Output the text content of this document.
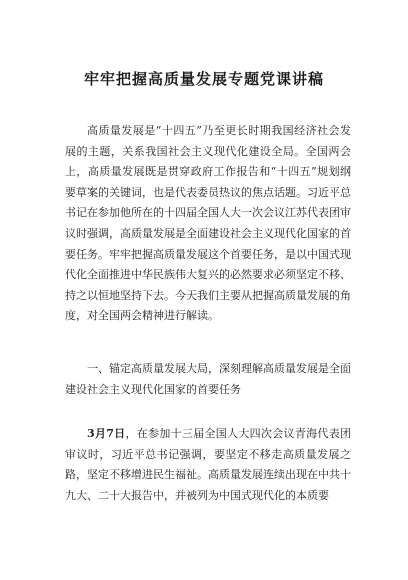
牢牢把握高质量发展专题党课讲稿

高质量发展是“十四五”乃至更长时期我国经济社会发展的主题，关系我国社会主义现代化建设全局。全国两会上，高质量发展既是贯穿政府工作报告和“十四五”规划纲要草案的关键词，也是代表委员热议的焦点话题。习近平总书记在参加他所在的十四届全国人大一次会议江苏代表团审议时强调，高质量发展是全面建设社会主义现代化国家的首要任务。牢牢把握高质量发展这个首要任务，是以中国式现代化全面推进中华民族伟大复兴的必然要求必须坚定不移、持之以恒地坚持下去。今天我们主要从把握高质量发展的角度，对全国两会精神进行解读。

一、锚定高质量发展大局，深刻理解高质量发展是全面建设社会主义现代化国家的首要任务

3月7日，在参加十三届全国人大四次会议青海代表团审议时，习近平总书记强调，要坚定不移走高质量发展之路，坚定不移增进民生福祉。高质量发展连续出现在中共十九大、二十大报告中，并被列为中国式现代化的本质要
